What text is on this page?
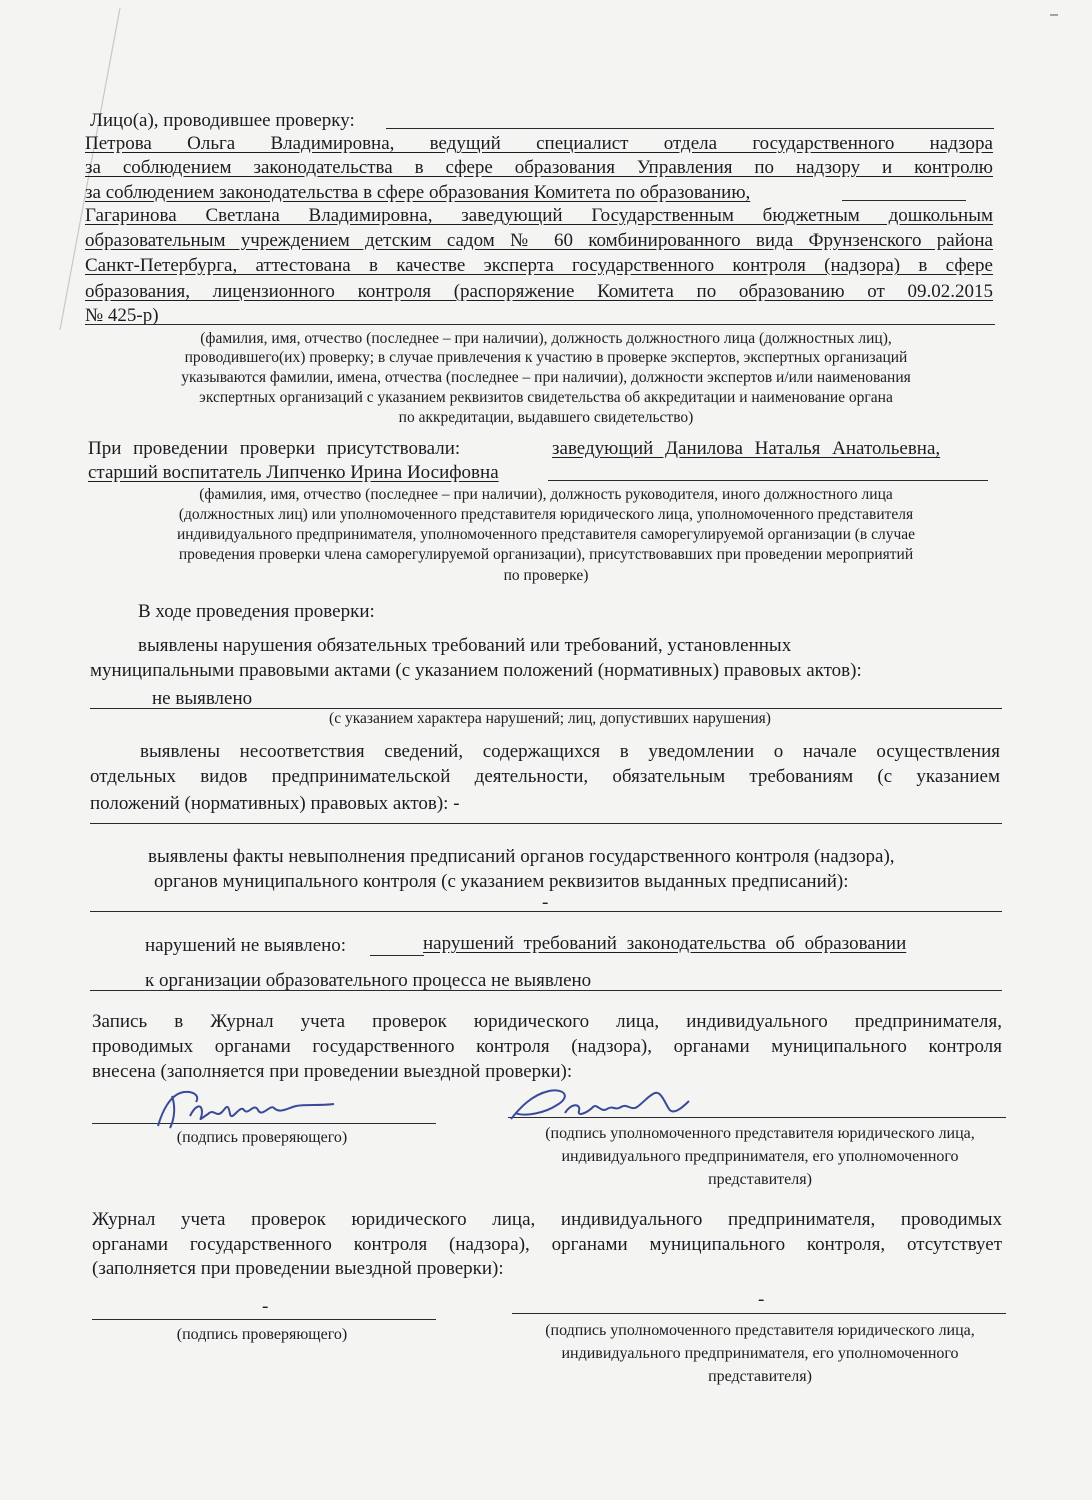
Лицо(а), проводившее проверку:
Петрова Ольга Владимировна, ведущий специалист отдела государственного надзора
за соблюдением законодательства в сфере образования Управления по надзору и контролю
за соблюдением законодательства в сфере образования Комитета по образованию,
Гагаринова Светлана Владимировна, заведующий Государственным бюджетным дошкольным
образовательным учреждением детским садом № 60 комбинированного вида Фрунзенского района
Санкт-Петербурга, аттестована в качестве эксперта государственного контроля (надзора) в сфере
образования, лицензионного контроля (распоряжение Комитета по образованию от 09.02.2015
№ 425-р)
(фамилия, имя, отчество (последнее – при наличии), должность должностного лица (должностных лиц),
проводившего(их) проверку; в случае привлечения к участию в проверке экспертов, экспертных организаций
указываются фамилии, имена, отчества (последнее – при наличии), должности экспертов и/или наименования
экспертных организаций с указанием реквизитов свидетельства об аккредитации и наименование органа
по аккредитации, выдавшего свидетельство)
При проведении проверки присутствовали:	заведующий Данилова Наталья Анатольевна,
старший воспитатель Липченко Ирина Иосифовна
(фамилия, имя, отчество (последнее – при наличии), должность руководителя, иного должностного лица
(должностных лиц) или уполномоченного представителя юридического лица, уполномоченного представителя
индивидуального предпринимателя, уполномоченного представителя саморегулируемой организации (в случае
проведения проверки члена саморегулируемой организации), присутствовавших при проведении мероприятий
по проверке)
В ходе проведения проверки:
выявлены нарушения обязательных требований или требований, установленных
муниципальными правовыми актами (с указанием положений (нормативных) правовых актов):
не выявлено
(с указанием характера нарушений; лиц, допустивших нарушения)
выявлены несоответствия сведений, содержащихся в уведомлении о начале осуществления
отдельных видов предпринимательской деятельности, обязательным требованиям (с указанием
положений (нормативных) правовых актов): -
выявлены факты невыполнения предписаний органов государственного контроля (надзора),
органов муниципального контроля (с указанием реквизитов выданных предписаний):
-
нарушений не выявлено:	нарушений требований законодательства об образовании
к организации образовательного процесса не выявлено
Запись в Журнал учета проверок юридического лица, индивидуального предпринимателя,
проводимых органами государственного контроля (надзора), органами муниципального контроля
внесена (заполняется при проведении выездной проверки):
(подпись проверяющего)	(подпись уполномоченного представителя юридического лица,
индивидуального предпринимателя, его уполномоченного
представителя)
Журнал учета проверок юридического лица, индивидуального предпринимателя, проводимых
органами государственного контроля (надзора), органами муниципального контроля, отсутствует
(заполняется при проведении выездной проверки):
-	-
(подпись проверяющего)	(подпись уполномоченного представителя юридического лица,
индивидуального предпринимателя, его уполномоченного
представителя)
